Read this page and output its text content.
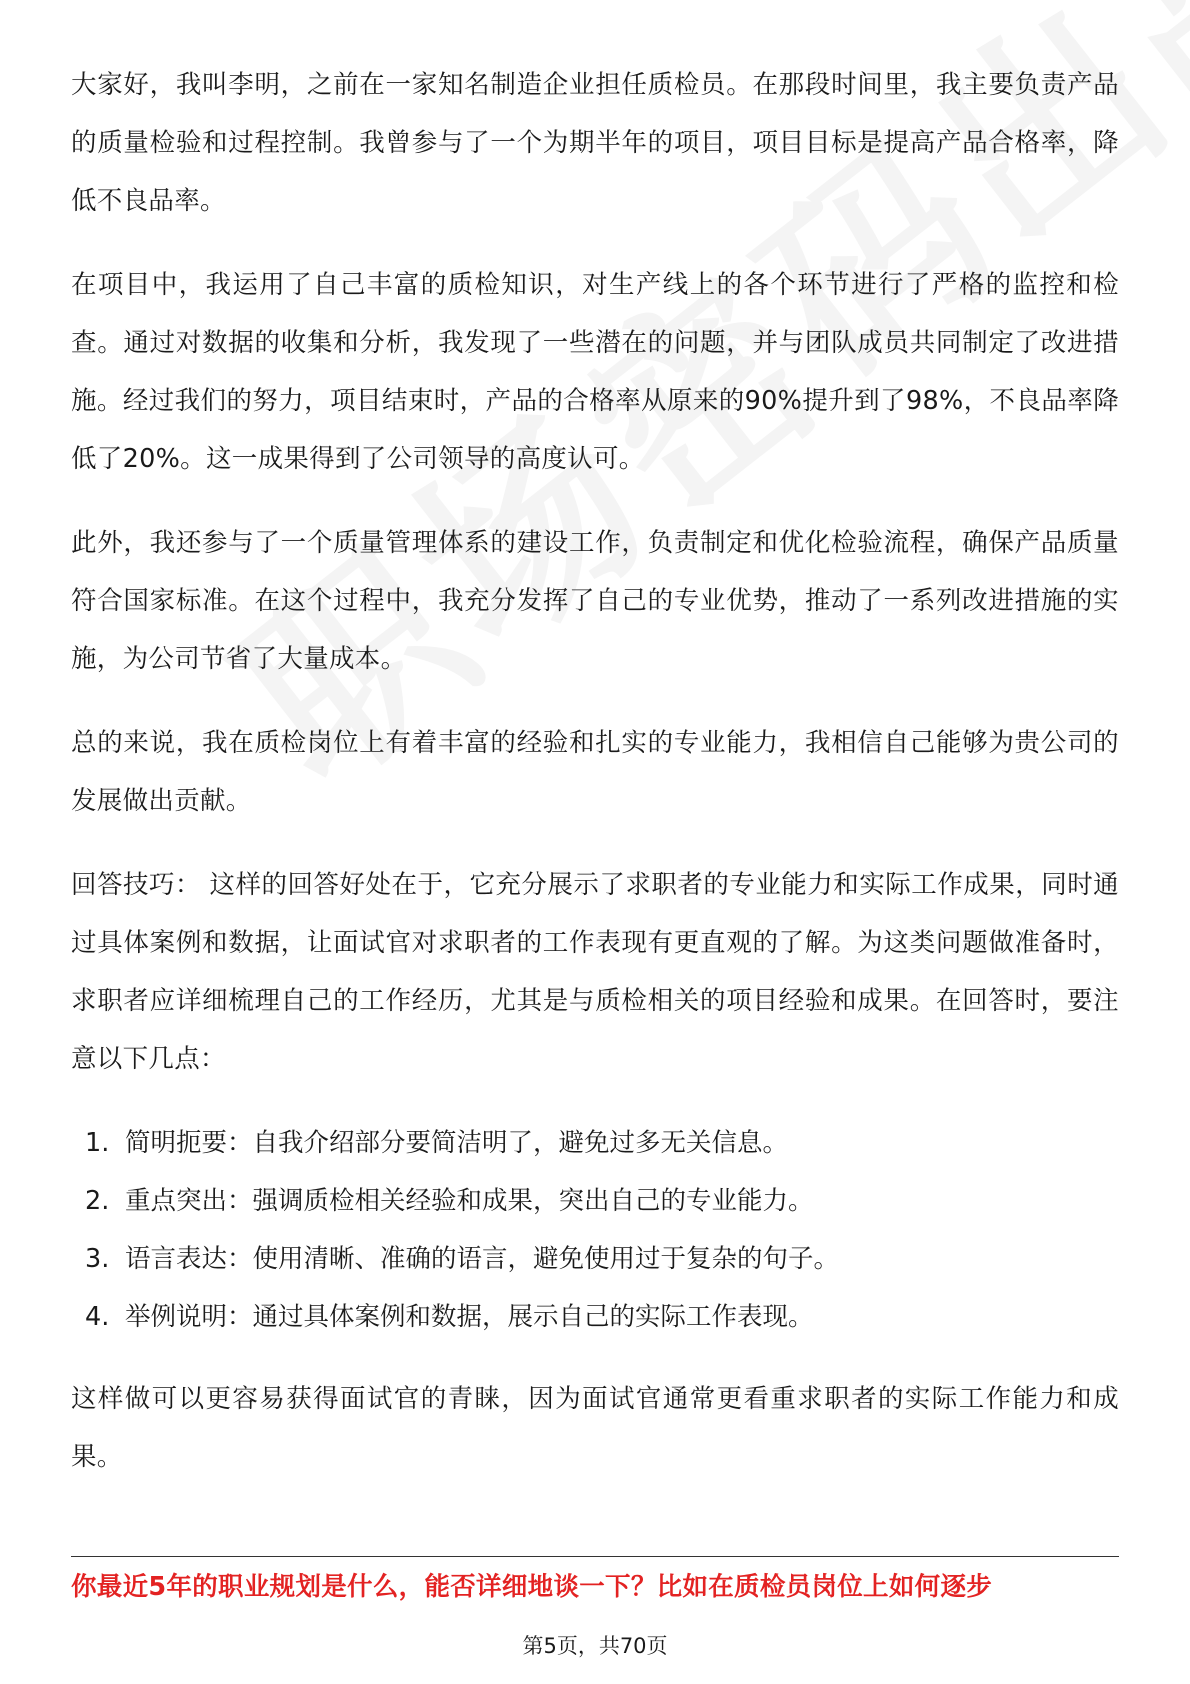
大家好，我叫李明，之前在一家知名制造企业担任质检员。在那段时间里，我主要负责产品的质量检验和过程控制。我曾参与了一个为期半年的项目，项目目标是提高产品合格率，降低不良品率。

在项目中，我运用了自己丰富的质检知识，对生产线上的各个环节进行了严格的监控和检查。通过对数据的收集和分析，我发现了一些潜在的问题，并与团队成员共同制定了改进措施。经过我们的努力，项目结束时，产品的合格率从原来的90%提升到了98%，不良品率降低了20%。这一成果得到了公司领导的高度认可。

此外，我还参与了一个质量管理体系的建设工作，负责制定和优化检验流程，确保产品质量符合国家标准。在这个过程中，我充分发挥了自己的专业优势，推动了一系列改进措施的实施，为公司节省了大量成本。

总的来说，我在质检岗位上有着丰富的经验和扎实的专业能力，我相信自己能够为贵公司的发展做出贡献。

回答技巧： 这样的回答好处在于，它充分展示了求职者的专业能力和实际工作成果，同时通过具体案例和数据，让面试官对求职者的工作表现有更直观的了解。为这类问题做准备时，求职者应详细梳理自己的工作经历，尤其是与质检相关的项目经验和成果。在回答时，要注意以下几点：

1. 简明扼要：自我介绍部分要简洁明了，避免过多无关信息。
2. 重点突出：强调质检相关经验和成果，突出自己的专业能力。
3. 语言表达：使用清晰、准确的语言，避免使用过于复杂的句子。
4. 举例说明：通过具体案例和数据，展示自己的实际工作表现。

这样做可以更容易获得面试官的青睐，因为面试官通常更看重求职者的实际工作能力和成果。

你最近5年的职业规划是什么，能否详细地谈一下？比如在质检员岗位上如何逐步
第5页，共70页
